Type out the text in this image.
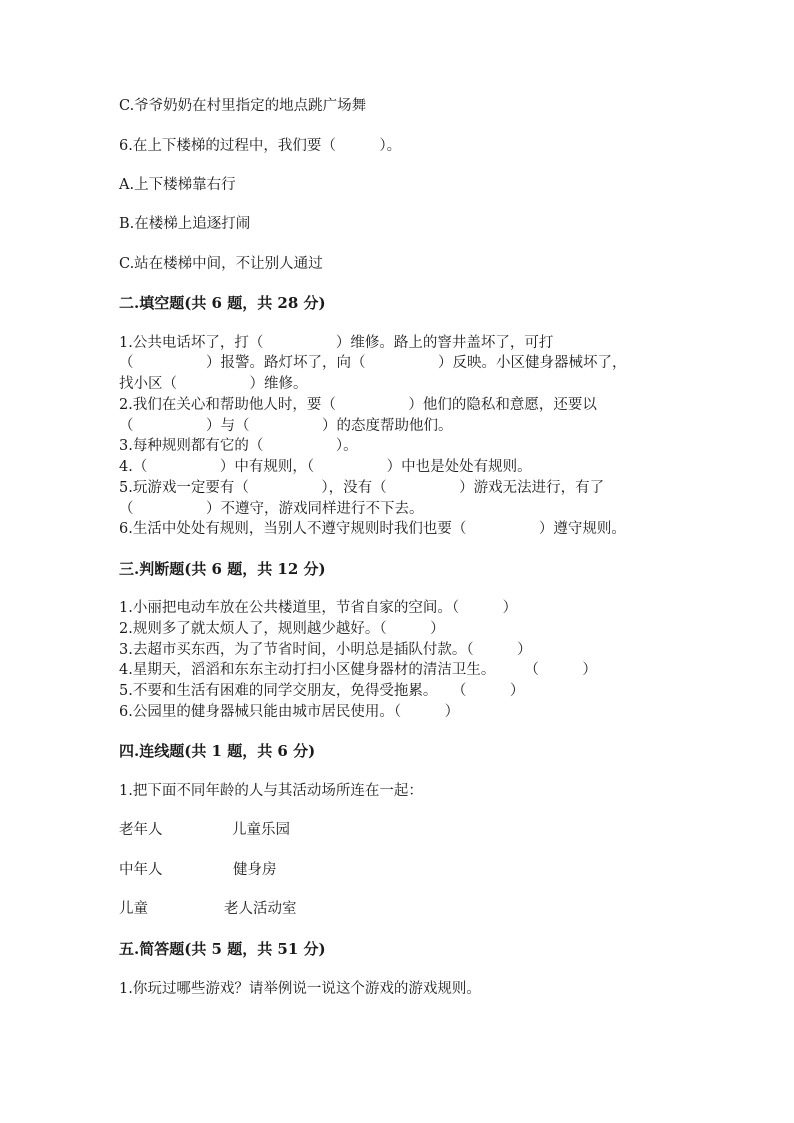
C.爷爷奶奶在村里指定的地点跳广场舞
6.在上下楼梯的过程中，我们要（　　　）。
A.上下楼梯靠右行
B.在楼梯上追逐打闹
C.站在楼梯中间，不让别人通过
二.填空题(共 6 题，共 28 分)
1.公共电话坏了，打（　　　　　）维修。路上的窨井盖坏了，可打
（　　　　　）报警。路灯坏了，向（　　　　　）反映。小区健身器械坏了，
找小区（　　　　　）维修。
2.我们在关心和帮助他人时，要（　　　　　）他们的隐私和意愿，还要以
（　　　　　）与（　　　　　）的态度帮助他们。
3.每种规则都有它的（　　　　　）。
4.（　　　　　）中有规则，（　　　　　）中也是处处有规则。
5.玩游戏一定要有（　　　　　），没有（　　　　　）游戏无法进行，有了
（　　　　　）不遵守，游戏同样进行不下去。
6.生活中处处有规则，当别人不遵守规则时我们也要（　　　　　）遵守规则。
三.判断题(共 6 题，共 12 分)
1.小丽把电动车放在公共楼道里，节省自家的空间。（　　　）
2.规则多了就太烦人了，规则越少越好。（　　　）
3.去超市买东西，为了节省时间，小明总是插队付款。（　　　）
4.星期天，滔滔和东东主动打扫小区健身器材的清洁卫生。　　　（　　　）
5.不要和生活有困难的同学交朋友，免得受拖累。　　（　　　）
6.公园里的健身器械只能由城市居民使用。（　　　）
四.连线题(共 1 题，共 6 分)
1.把下面不同年龄的人与其活动场所连在一起：
老年人	儿童乐园
中年人	健身房
儿童	老人活动室
五.简答题(共 5 题，共 51 分)
1.你玩过哪些游戏？请举例说一说这个游戏的游戏规则。
